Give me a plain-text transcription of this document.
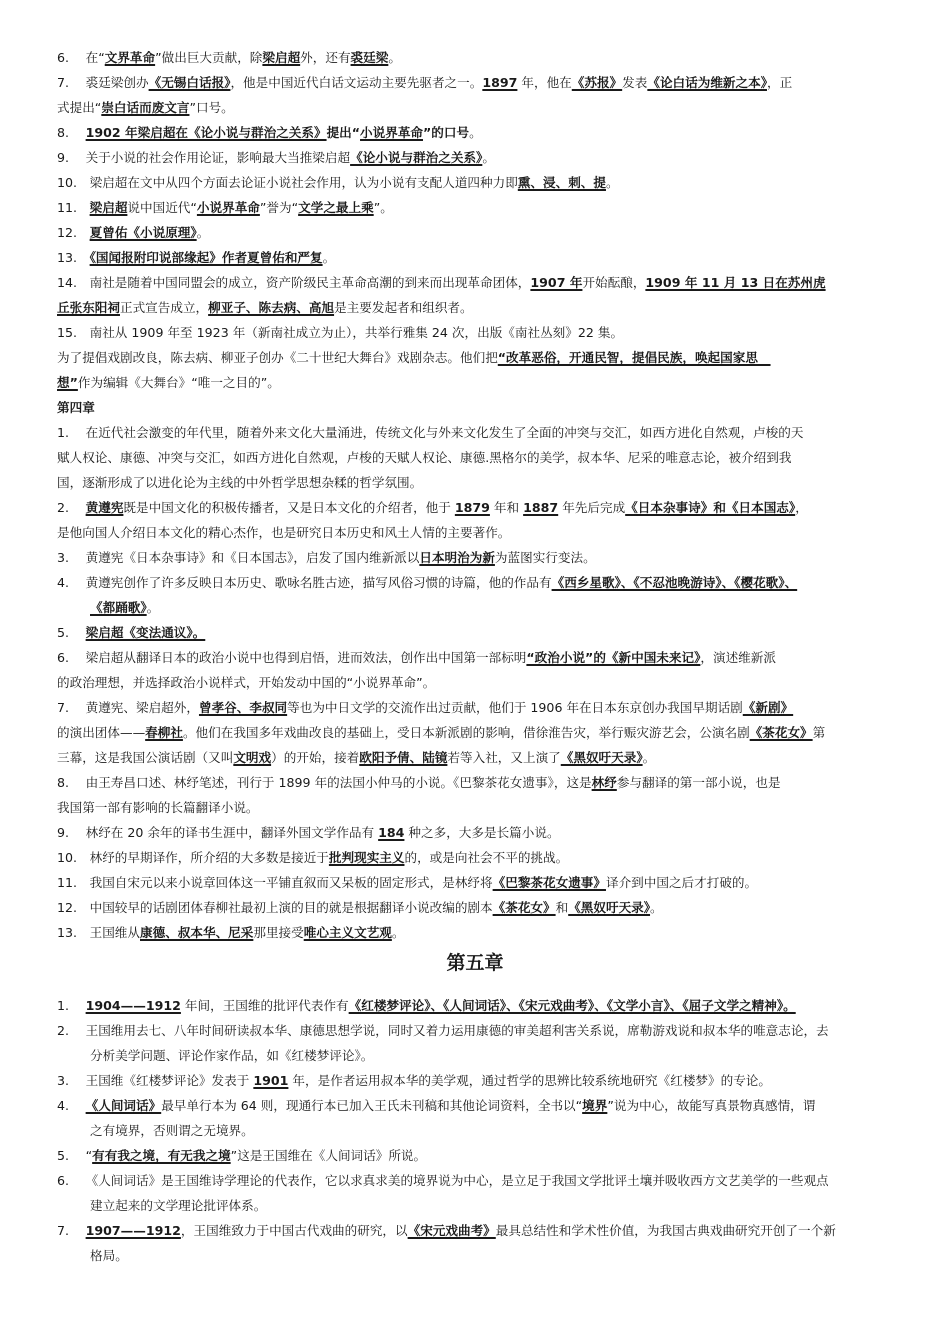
第五章
6.　 在“文界革命”做出巨大贡献，除梁启超外，还有裘廷梁。
7.　 裘廷梁创办《无锡白话报》，他是中国近代白话文运动主要先驱者之一。1897 年，他在《苏报》发表《论白话为维新之本》，正
式提出“崇白话而废文言”口号。
8.　 1902 年梁启超在《论小说与群治之关系》提出“小说界革命”的口号。
9.　 关于小说的社会作用论证，影响最大当推梁启超《论小说与群治之关系》。
10.　梁启超在文中从四个方面去论证小说社会作用，认为小说有支配人道四种力即熏、浸、刺、提。
11.　梁启超说中国近代“小说界革命”誉为“文学之最上乘”。
12.　夏曾佑《小说原理》。
13.　《国闻报附印说部缘起》作者夏曾佑和严复。
14.　南社是随着中国同盟会的成立，资产阶级民主革命高潮的到来而出现革命团体，1907 年开始酝酿，1909 年 11 月 13 日在苏州虎
丘张东阳祠正式宣告成立，柳亚子、陈去病、高旭是主要发起者和组织者。
15.　南社从 1909 年至 1923 年（新南社成立为止），共举行雅集 24 次，出版《南社丛刻》22 集。
为了提倡戏剧改良，陈去病、柳亚子创办《二十世纪大舞台》戏剧杂志。他们把“改革恶俗，开通民智，提倡民族，唤起国家思　
想”作为编辑《大舞台》“唯一之目的”。
第四章
1.　 在近代社会激变的年代里，随着外来文化大量涌进，传统文化与外来文化发生了全面的冲突与交汇，如西方进化自然观，卢梭的天
赋人权论、康德、冲突与交汇，如西方进化自然观，卢梭的天赋人权论、康德.黑格尔的美学，叔本华、尼采的唯意志论，被介绍到我
国，逐渐形成了以进化论为主线的中外哲学思想杂糅的哲学氛围。
2.　 黄遵宪既是中国文化的积极传播者，又是日本文化的介绍者，他于 1879 年和 1887 年先后完成《日本杂事诗》和《日本国志》，
是他向国人介绍日本文化的精心杰作，也是研究日本历史和风土人情的主要著作。
3.　 黄遵宪《日本杂事诗》和《日本国志》，启发了国内维新派以日本明治为新为蓝图实行变法。
4.　 黄遵宪创作了许多反映日本历史、歌咏名胜古迹，描写风俗习惯的诗篇，他的作品有《西乡星歌》、《不忍池晚游诗》、《樱花歌》、
《都踊歌》。
5.　 梁启超《变法通议》。
6.　 梁启超从翻译日本的政治小说中也得到启悟，进而效法，创作出中国第一部标明“政治小说”的《新中国未来记》，演述维新派
的政治理想，并选择政治小说样式，开始发动中国的“小说界革命”。
7.　 黄遵宪、梁启超外，曾孝谷、李叔同等也为中日文学的交流作出过贡献，他们于 1906 年在日本东京创办我国早期话剧《新剧》
的演出团体——春柳社。他们在我国多年戏曲改良的基础上，受日本新派剧的影响，借徐淮告灾，举行赈灾游艺会，公演名剧《茶花女》第
三幕，这是我国公演话剧（又叫文明戏）的开始，接着欧阳予倩、陆镜若等入社，又上演了《黑奴吁天录》。
8.　 由王寿昌口述、林纾笔述，刊行于 1899 年的法国小仲马的小说。《巴黎茶花女遗事》，这是林纾参与翻译的第一部小说，也是
我国第一部有影响的长篇翻译小说。
9.　 林纾在 20 余年的译书生涯中，翻译外国文学作品有 184 种之多，大多是长篇小说。
10.　林纾的早期译作，所介绍的大多数是接近于批判现实主义的，或是向社会不平的挑战。
11.　我国自宋元以来小说章回体这一平铺直叙而又呆板的固定形式，是林纾将《巴黎茶花女遗事》译介到中国之后才打破的。
12.　中国较早的话剧团体春柳社最初上演的目的就是根据翻译小说改编的剧本《茶花女》和《黑奴吁天录》。
13.　王国维从康德、叔本华、尼采那里接受唯心主义文艺观。
1.　 1904——1912 年间，王国维的批评代表作有《红楼梦评论》、《人间词话》、《宋元戏曲考》、《文学小言》、《屈子文学之精神》。
2.　 王国维用去七、八年时间研读叔本华、康德思想学说，同时又着力运用康德的审美超利害关系说，席勒游戏说和叔本华的唯意志论，去
分析美学问题、评论作家作品，如《红楼梦评论》。
3.　 王国维《红楼梦评论》发表于 1901 年，是作者运用叔本华的美学观，通过哲学的思辨比较系统地研究《红楼梦》的专论。
4.　 《人间词话》最早单行本为 64 则，现通行本已加入王氏未刊稿和其他论词资料，全书以“境界”说为中心，故能写真景物真感情，谓
之有境界，否则谓之无境界。
5.　 “有有我之境，有无我之境”这是王国维在《人间词话》所说。
6.　 《人间词话》是王国维诗学理论的代表作，它以求真求美的境界说为中心，是立足于我国文学批评土壤并吸收西方文艺美学的一些观点
建立起来的文学理论批评体系。
7.　 1907——1912，王国维致力于中国古代戏曲的研究，以《宋元戏曲考》最具总结性和学术性价值，为我国古典戏曲研究开创了一个新
格局。
